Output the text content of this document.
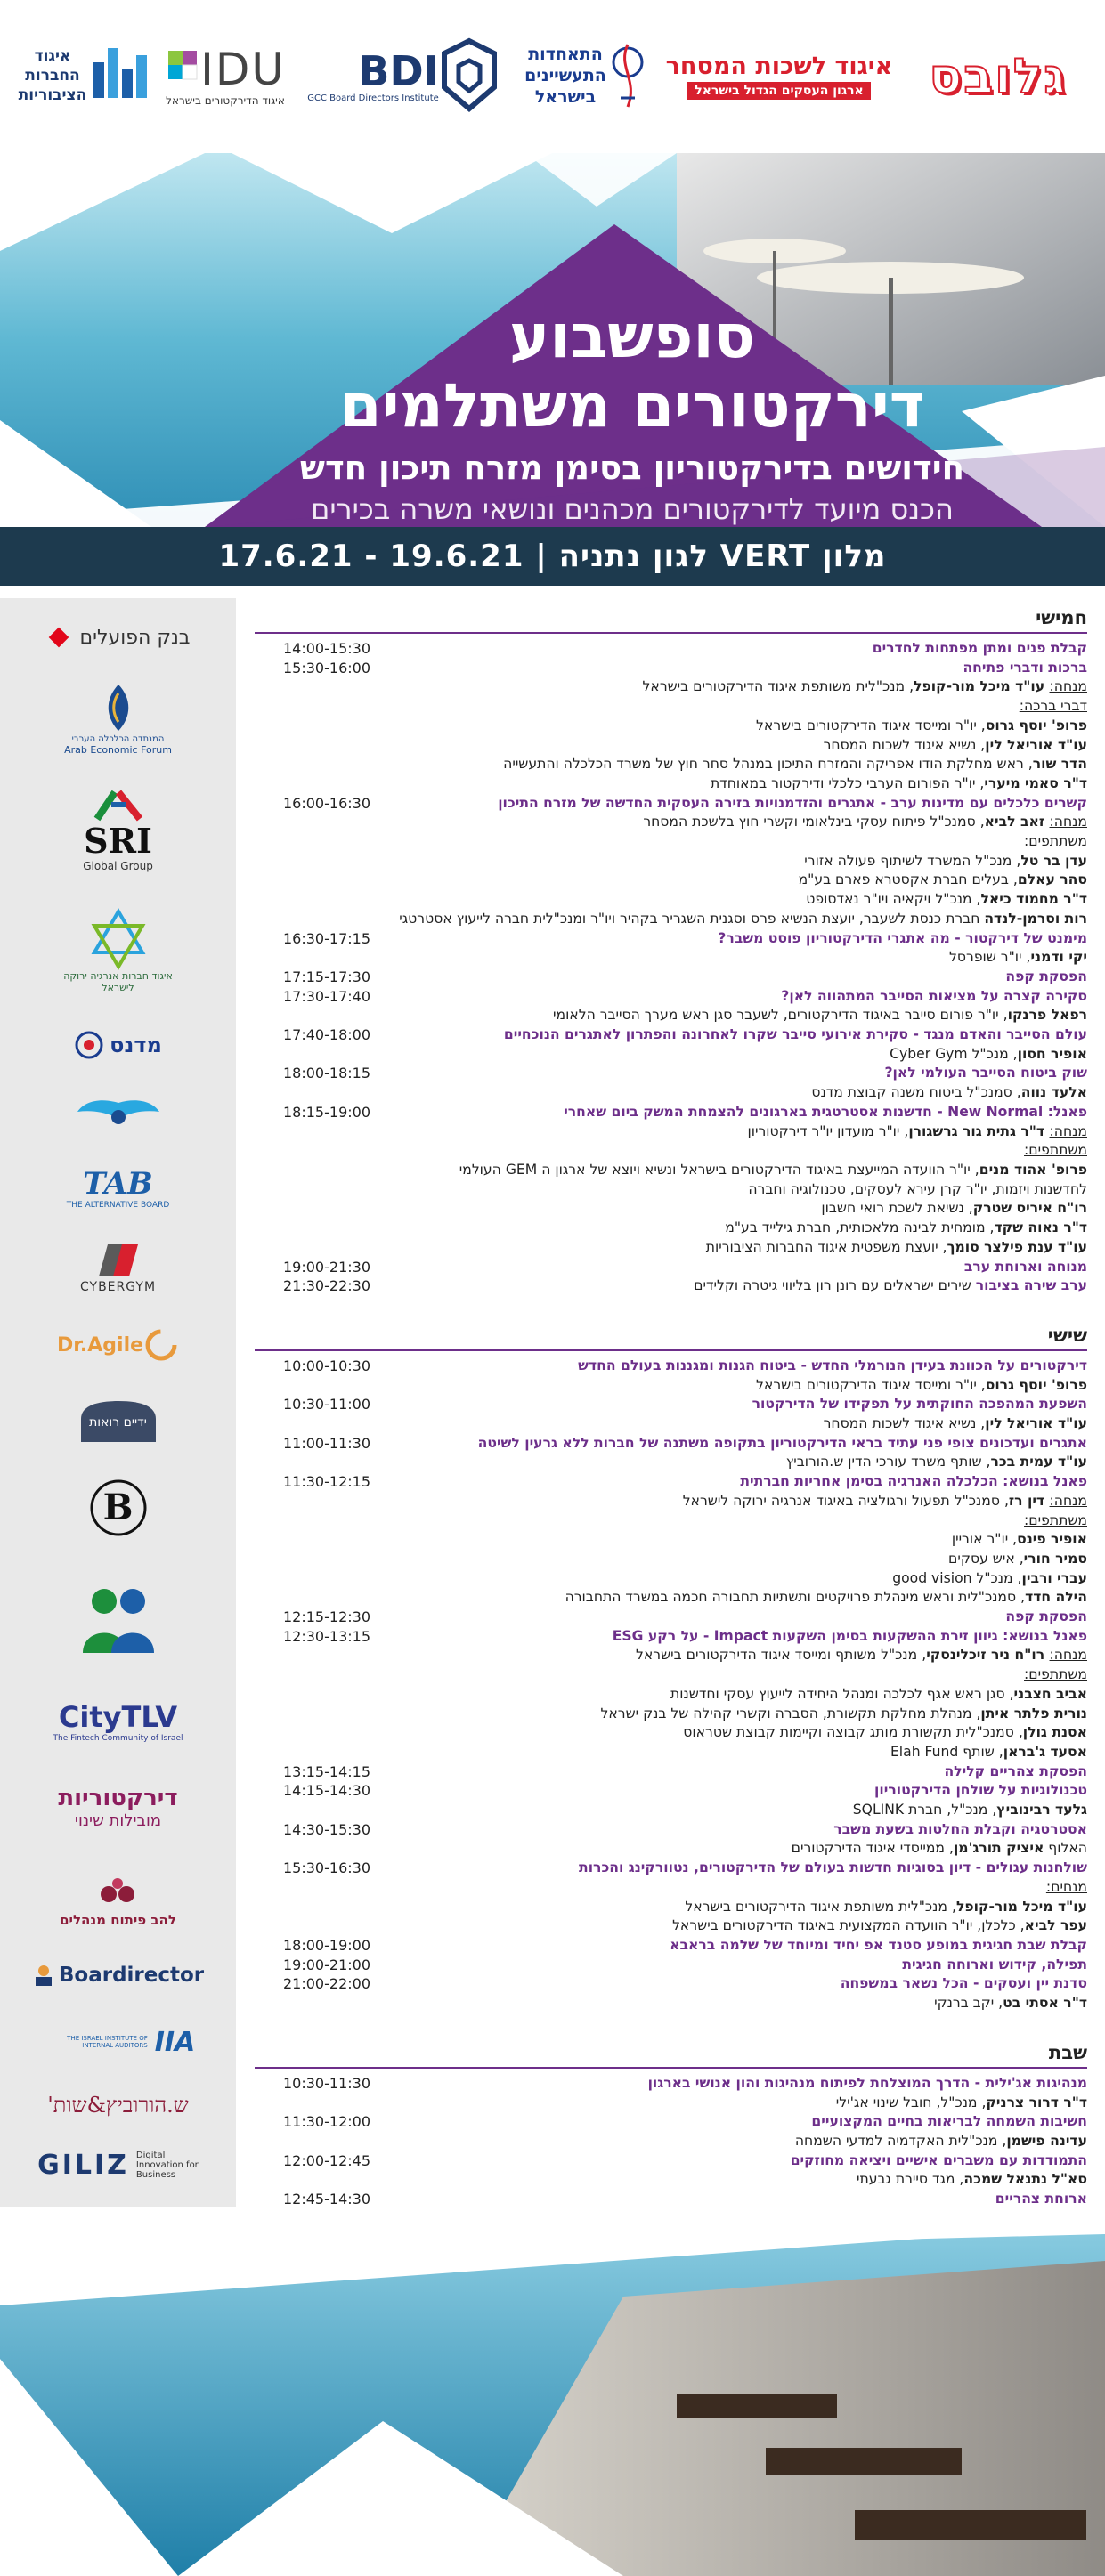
גלובס
איגוד לשכות המסחר
ארגון העסקים הגדול בישראל
התאחדות התעשיינים בישראל
BDI
GCC Board Directors Institute
IDU
איגוד הדירקטורים בישראל
איגוד החברות הציבוריות

סופשבוע

דירקטורים משתלמים

חידושים בדירקטוריון בסימן מזרח תיכון חדש

הכנס מיועד לדירקטורים מכהנים ונושאי משרה בכירים

מלון VERT לגון נתניה | 19.6.21 - 17.6.21
בנק הפועלים
המנתדה הכלכלה הערבי
Arab Economic Forum
SRI
Global Group
איגוד חברות אנרגיה ירוקה לישראל
מדנס
TAB
THE ALTERNATIVE BOARD
CYBERGYM
Dr.Agile
ידיים רואות
B
CityTLV
The Fintech Community of Israel
דירקטוריות
מובילות שינוי
להב פיתוח מנהלים
Boardirector
IIA
THE ISRAEL INSTITUTE OF INTERNAL AUDITORS
ש.הורוביץ&שות'
Digital Innovation for Business
GILIZ
חמישי
קבלת פנים ומתן מפתחות לחדרים
14:00-15:30
ברכות ודברי פתיחה
15:30-16:00
מנחה: עו"ד מיכל מור-קופל, מנכ"לית משותפת איגוד הדירקטורים בישראל
דברי ברכה:
פרופ' יוסף גרוס, יו"ר ומייסד איגוד הדירקטורים בישראל
עו"ד אוריאל לין, נשיא איגוד לשכות המסחר
הדר שור, ראש מחלקת הודו אפריקה והמזרח התיכון במנהל סחר חוץ של משרד הכלכלה והתעשייה
ד"ר סאמי מיערי, יו"ר הפורום הערבי כלכלי ודירקטור במאוחדת
קשרים כלכלים עם מדינות ערב - אתגרים והזדמנויות בזירה העסקית החדשה של מזרח התיכון
16:00-16:30
מנחה: זאב לביא, סמנכ"ל פיתוח עסקי בינלאומי וקשרי חוץ בלשכת המסחר
משתתפים:
עדן בר טל, מנכ"ל המשרד לשיתוף פעולה אזורי
סהר עאלם, בעלים חברת אקסטרא פארם בע"מ
ד"ר מחמוד כיאל, מנכ"ל ויקאיה ויו"ר נאדסופט
רות וסרמן-לנדה חברת כנסת לשעבר, יועצת הנשיא פרס וסגנית השגריר בקהיר ויו"ר ומנכ"לית חברה לייעוץ אסטרטגי
מימנט של דירקטור - מה אתגרי הדירקטוריון פוסט משבר?
16:30-17:15
יקי ודמני, יו"ר שופרסל
הפסקת קפה
17:15-17:30
סקירה קצרה על מציאות הסייבר המתהווה לאן?
17:30-17:40
רפאל פרנקו, יו"ר פורום סייבר באיגוד הדירקטורים, לשעבר סגן ראש מערך הסייבר הלאומי
עולם הסייבר והאדם מנגד - סקירת אירועי סייבר שקרו לאחרונה והפתרון לאתגרים הנוכחיים
17:40-18:00
אופיר חסון, מנכ"ל Cyber Gym
שוק ביטוח הסייבר העולמי לאן?
18:00-18:15
אלעד נווה, סמנכ"ל ביטוח משנה קבוצת מדנס
פאנל: New Normal - חדשנות אסטרטגית בארגונים להצמחת המשק ביום שאחרי
18:15-19:00
מנחה: ד"ר גתית גור גרשגורן, יו"ר מועדון יו"ר דירקטוריון
משתתפים:
פרופ' אהוד מנים, יו"ר הוועדה המייעצת באיגוד הדירקטורים בישראל ונשיא ויוצא של ארגון ה GEM העולמי
לחדשנות ויזמות, יו"ר קרן עירא לעסקים, טכנולוגיה וחברה
רו"ח איריס שטרק, נשיאת לשכת רואי חשבון
ד"ר נאוה שקד, מומחית לבינה מלאכותית, חברת גילייד בע"מ
עו"ד ענת פילצר סומך, יועצת משפטית איגוד החברות הציבוריות
מנוחה וארוחת ערב
19:00-21:30
ערב שירה בציבור שירים ישראלים עם רונן רון בליווי גיטרה וקלידים
21:30-22:30
שישי
דירקטורים על הכוונת בעידן הנורמלי החדש - ביטוח הגנות ומגננות בעולם החדש
10:00-10:30
פרופ' יוסף גרוס, יו"ר ומייסד איגוד הדירקטורים בישראל
השפעת המהפכה החוקתית על תפקידו של הדירקטור
10:30-11:00
עו"ד אוריאל לין, נשיא איגוד לשכות המסחר
אתגרים ועדכונים צופי פני עתיד בראי הדירקטוריון בתקופה משתנה של חברות ללא גרעין לשיטה
11:00-11:30
עו"ד עמית בכר, שותף משרד עורכי הדין ש.הורוביץ
פאנל בנושא: הכלכלה האנרגיה בסימן אחריות חברתית
11:30-12:15
מנחה: דין רז, סמנכ"ל תפעול ורגולציה באיגוד אנרגיה ירוקה לישראל
משתתפים:
אופיר פינס, יו"ר אוריין
סמיר חורי, איש עסקים
עברי ורבין, מנכ"ל good vision
הילה חדד, סמנכ"לית וראש מינהלת פרויקטים ותשתיות תחבורה חכמה במשרד התחבורה
הפסקת קפה
12:15-12:30
פאנל בנושא: גיוון זירת ההשקעות בסימן השקעות Impact - על רקע ESG
12:30-13:15
מנחה: רו"ח ניר זיכלינסקי, מנכ"ל משותף ומייסד איגוד הדירקטורים בישראל
משתתפים:
אביב חצבני, סגן ראש אגף לכלכה ומנהל היחידה לייעוץ עסקי וחדשנות
נורית פלתר איתן, מנהלת מחלקת תקשורת, הסברה וקשרי קהילה של בנק ישראל
אסנת גולן, סמנכ"לית תקשורת מותג קבוצה וקיימות קבוצת שטראוס
אסעד ג'בראן, שותף Elah Fund
הפסקת צהריים קלילה
13:15-14:15
טכנולוגיות על שולחן הדירקטוריון
14:15-14:30
גלעד רבינוביץ, מנכ"ל, חברת SQLINK
אסטרטגיה וקבלת החלטות בשעת משבר
14:30-15:30
האלוף איציק תורג'מן, ממייסדי איגוד הדירקטורים
שולחנות עגולים - דיון בסוגיות חדשות בעולם של הדירקטורים, נטוורקינג והכרות
15:30-16:30
מנחים:
עו"ד מיכל מור-קופל, מנכ"לית משותפת איגוד הדירקטורים בישראל
עפר לביא, כלכלן, יו"ר הוועדה המקצועית באיגוד הדירקטורים בישראל
קבלת שבת חגיגית במופע סטנד אפ יחיד ומיוחד של שלמה בראבא
18:00-19:00
תפילה, קידוש וארוחה חגיגית
19:00-21:00
סדנת יין ועסקים - הכל נשאר במשפחה
21:00-22:00
ד"ר אסתי בט, יקב ברנקי
שבת
מנהיגות אג'ילית - הדרך המוצלחת לפיתוח מנהיגות והון אנושי בארגון
10:30-11:30
ד"ר דרור צרניק, מנכ"ל, חובל שינוי אג'ילי
חשיבות השמחה לבריאות בחיים המקצועיים
11:30-12:00
עדינה פישמן, מנכ"לית האקדמיה למדעי השמחה
התמודדות עם משברים אישיים ויציאה מחוזקים
12:00-12:45
סא"ל נתנאל שמכה, מגד סיירת גבעתי
ארוחת צהריים
12:45-14:30
